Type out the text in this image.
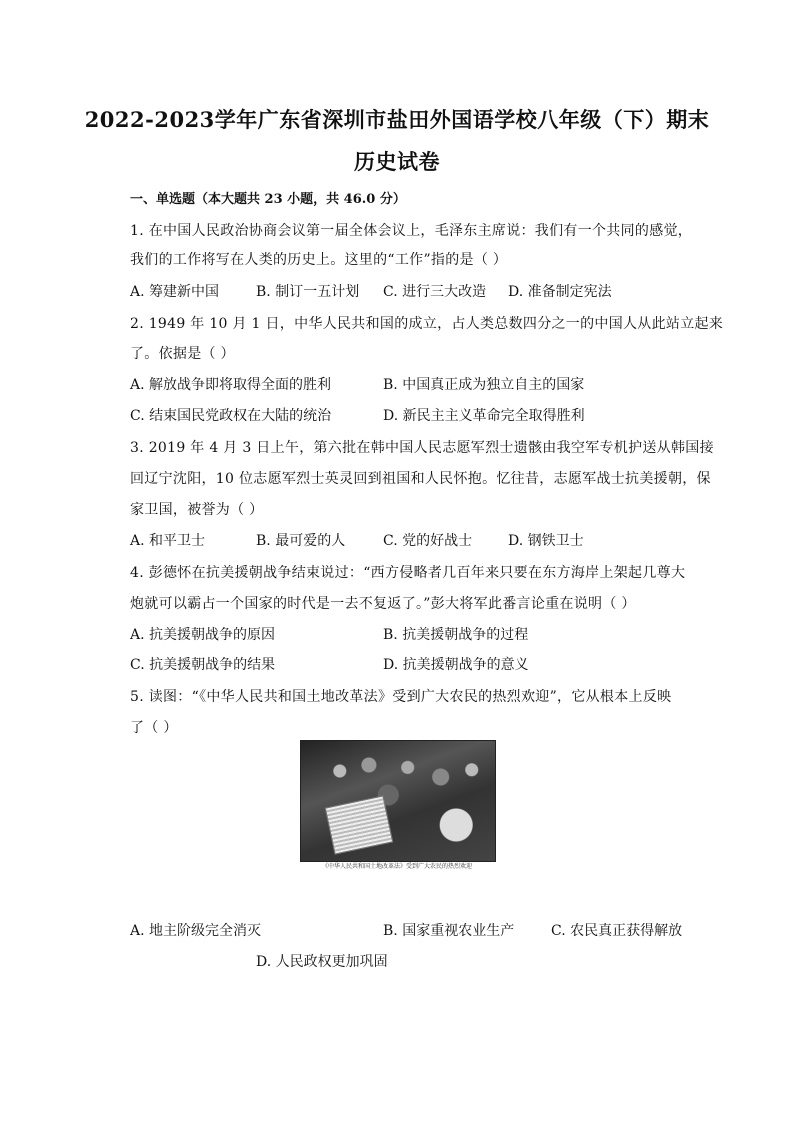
2022-2023学年广东省深圳市盐田外国语学校八年级（下）期末
历史试卷
一、单选题（本大题共 23 小题，共 46.0 分）
1. 在中国人民政治协商会议第一届全体会议上，毛泽东主席说：我们有一个共同的感觉，
我们的工作将写在人类的历史上。这里的“工作”指的是（ ）
A. 筹建新中国	B. 制订一五计划 C. 进行三大改造 D. 准备制定宪法
2. 1949 年 10 月 1 日，中华人民共和国的成立，占人类总数四分之一的中国人从此站立起来
了。依据是（ ）
A. 解放战争即将取得全面的胜利	B. 中国真正成为独立自主的国家
C. 结束国民党政权在大陆的统治	D. 新民主主义革命完全取得胜利
3. 2019 年 4 月 3 日上午，第六批在韩中国人民志愿军烈士遗骸由我空军专机护送从韩国接
回辽宁沈阳，10 位志愿军烈士英灵回到祖国和人民怀抱。忆往昔，志愿军战士抗美援朝，保
家卫国，被誉为（ ）
A. 和平卫士	B. 最可爱的人	C. 党的好战士	D. 钢铁卫士
4. 彭德怀在抗美援朝战争结束说过：“西方侵略者几百年来只要在东方海岸上架起几尊大
炮就可以霸占一个国家的时代是一去不复返了。”彭大将军此番言论重在说明（ ）
A. 抗美援朝战争的原因	B. 抗美援朝战争的过程
C. 抗美援朝战争的结果	D. 抗美援朝战争的意义
5. 读图：“《中华人民共和国土地改革法》受到广大农民的热烈欢迎”，它从根本上反映
了（ ）
《中华人民共和国土地改革法》受到广大农民的热烈欢迎
A. 地主阶级完全消灭	B. 国家重视农业生产	C. 农民真正获得解放
D. 人民政权更加巩固
